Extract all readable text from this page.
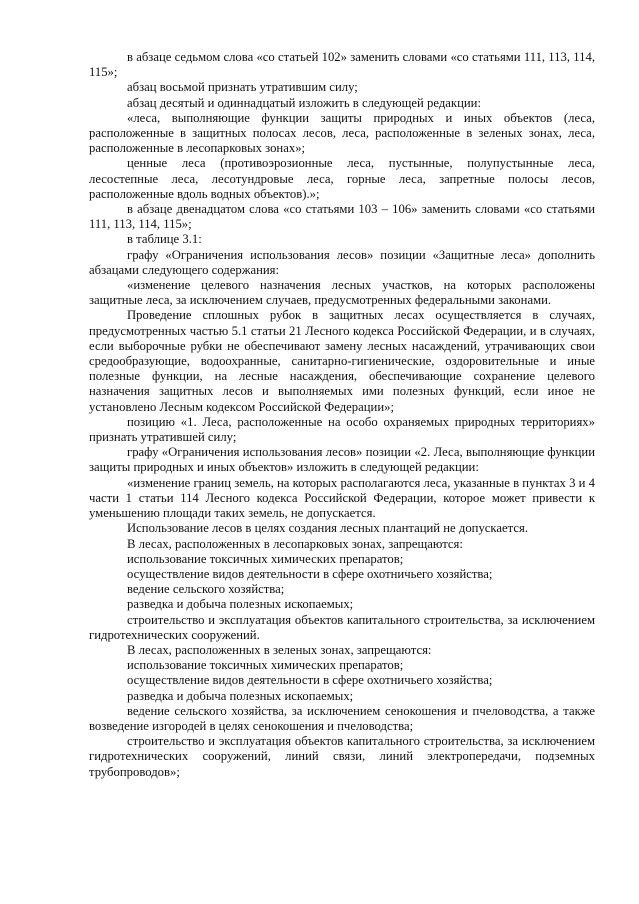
в абзаце седьмом слова «со статьей 102» заменить словами «со статьями 111, 113, 114, 115»;

абзац восьмой признать утратившим силу;

абзац десятый и одиннадцатый изложить в следующей редакции:

«леса, выполняющие функции защиты природных и иных объектов (леса, расположенные в защитных полосах лесов, леса, расположенные в зеленых зонах, леса, расположенные в лесопарковых зонах»;

ценные леса (противоэрозионные леса, пустынные, полупустынные леса, лесостепные леса, лесотундровые леса, горные леса, запретные полосы лесов, расположенные вдоль водных объектов).»;

в абзаце двенадцатом слова «со статьями 103 – 106» заменить словами «со статьями 111, 113, 114, 115»;

в таблице 3.1:

графу «Ограничения использования лесов» позиции «Защитные леса» дополнить абзацами следующего содержания:

«изменение целевого назначения лесных участков, на которых расположены защитные леса, за исключением случаев, предусмотренных федеральными законами.

Проведение сплошных рубок в защитных лесах осуществляется в случаях, предусмотренных частью 5.1 статьи 21 Лесного кодекса Российской Федерации, и в случаях, если выборочные рубки не обеспечивают замену лесных насаждений, утрачивающих свои средообразующие, водоохранные, санитарно-гигиенические, оздоровительные и иные полезные функции, на лесные насаждения, обеспечивающие сохранение целевого назначения защитных лесов и выполняемых ими полезных функций, если иное не установлено Лесным кодексом Российской Федерации»;

позицию «1. Леса, расположенные на особо охраняемых природных территориях» признать утратившей силу;

графу «Ограничения использования лесов» позиции «2. Леса, выполняющие функции защиты природных и иных объектов» изложить в следующей редакции:

«изменение границ земель, на которых располагаются леса, указанные в пунктах 3 и 4 части 1 статьи 114 Лесного кодекса Российской Федерации, которое может привести к уменьшению площади таких земель, не допускается.

Использование лесов в целях создания лесных плантаций не допускается.

В лесах, расположенных в лесопарковых зонах, запрещаются:

использование токсичных химических препаратов;

осуществление видов деятельности в сфере охотничьего хозяйства;

ведение сельского хозяйства;

разведка и добыча полезных ископаемых;

строительство и эксплуатация объектов капитального строительства, за исключением гидротехнических сооружений.

В лесах, расположенных в зеленых зонах, запрещаются:

использование токсичных химических препаратов;

осуществление видов деятельности в сфере охотничьего хозяйства;

разведка и добыча полезных ископаемых;

ведение сельского хозяйства, за исключением сенокошения и пчеловодства, а также возведение изгородей в целях сенокошения и пчеловодства;

строительство и эксплуатация объектов капитального строительства, за исключением гидротехнических сооружений, линий связи, линий электропередачи, подземных трубопроводов»;
